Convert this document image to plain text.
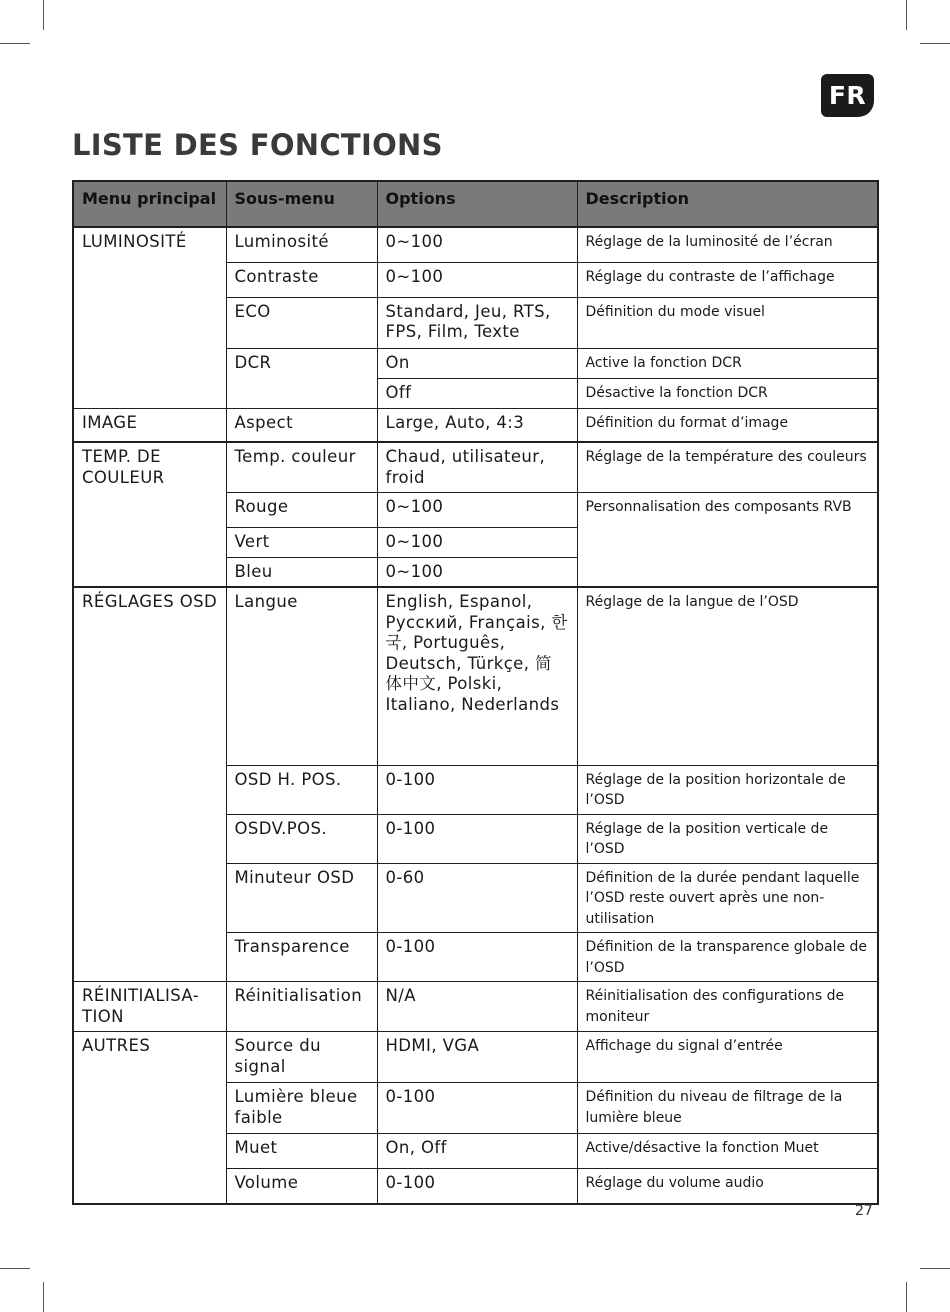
FR
LISTE DES FONCTIONS
Menu principal	Sous-menu	Options	Description
LUMINOSITÉ	Luminosité	0~100	Réglage de la luminosité de l’écran
	Contraste	0~100	Réglage du contraste de l’affichage
	ECO	Standard, Jeu, RTS, FPS, Film, Texte	Définition du mode visuel
	DCR	On	Active la fonction DCR
		Off	Désactive la fonction DCR
IMAGE	Aspect	Large, Auto, 4:3	Définition du format d’image
TEMP. DE COULEUR	Temp. couleur	Chaud, utilisateur, froid	Réglage de la température des couleurs
	Rouge	0~100	Personnalisation des composants RVB
	Vert	0~100	
	Bleu	0~100	
RÉGLAGES OSD	Langue	English, Espanol, Русский, Français, 한국, Português, Deutsch, Türkçe, 简体中文, Polski, Italiano, Nederlands	Réglage de la langue de l’OSD
	OSD H. POS.	0-100	Réglage de la position horizontale de l’OSD
	OSDV.POS.	0-100	Réglage de la position verticale de l’OSD
	Minuteur OSD	0-60	Définition de la durée pendant laquelle l’OSD reste ouvert après une non-utilisation
	Transparence	0-100	Définition de la transparence globale de l’OSD
RÉINITIALISA-TION	Réinitialisation	N/A	Réinitialisation des configurations de moniteur
AUTRES	Source du signal	HDMI, VGA	Affichage du signal d’entrée
	Lumière bleue faible	0-100	Définition du niveau de filtrage de la lumière bleue
	Muet	On, Off	Active/désactive la fonction Muet
	Volume	0-100	Réglage du volume audio
27
